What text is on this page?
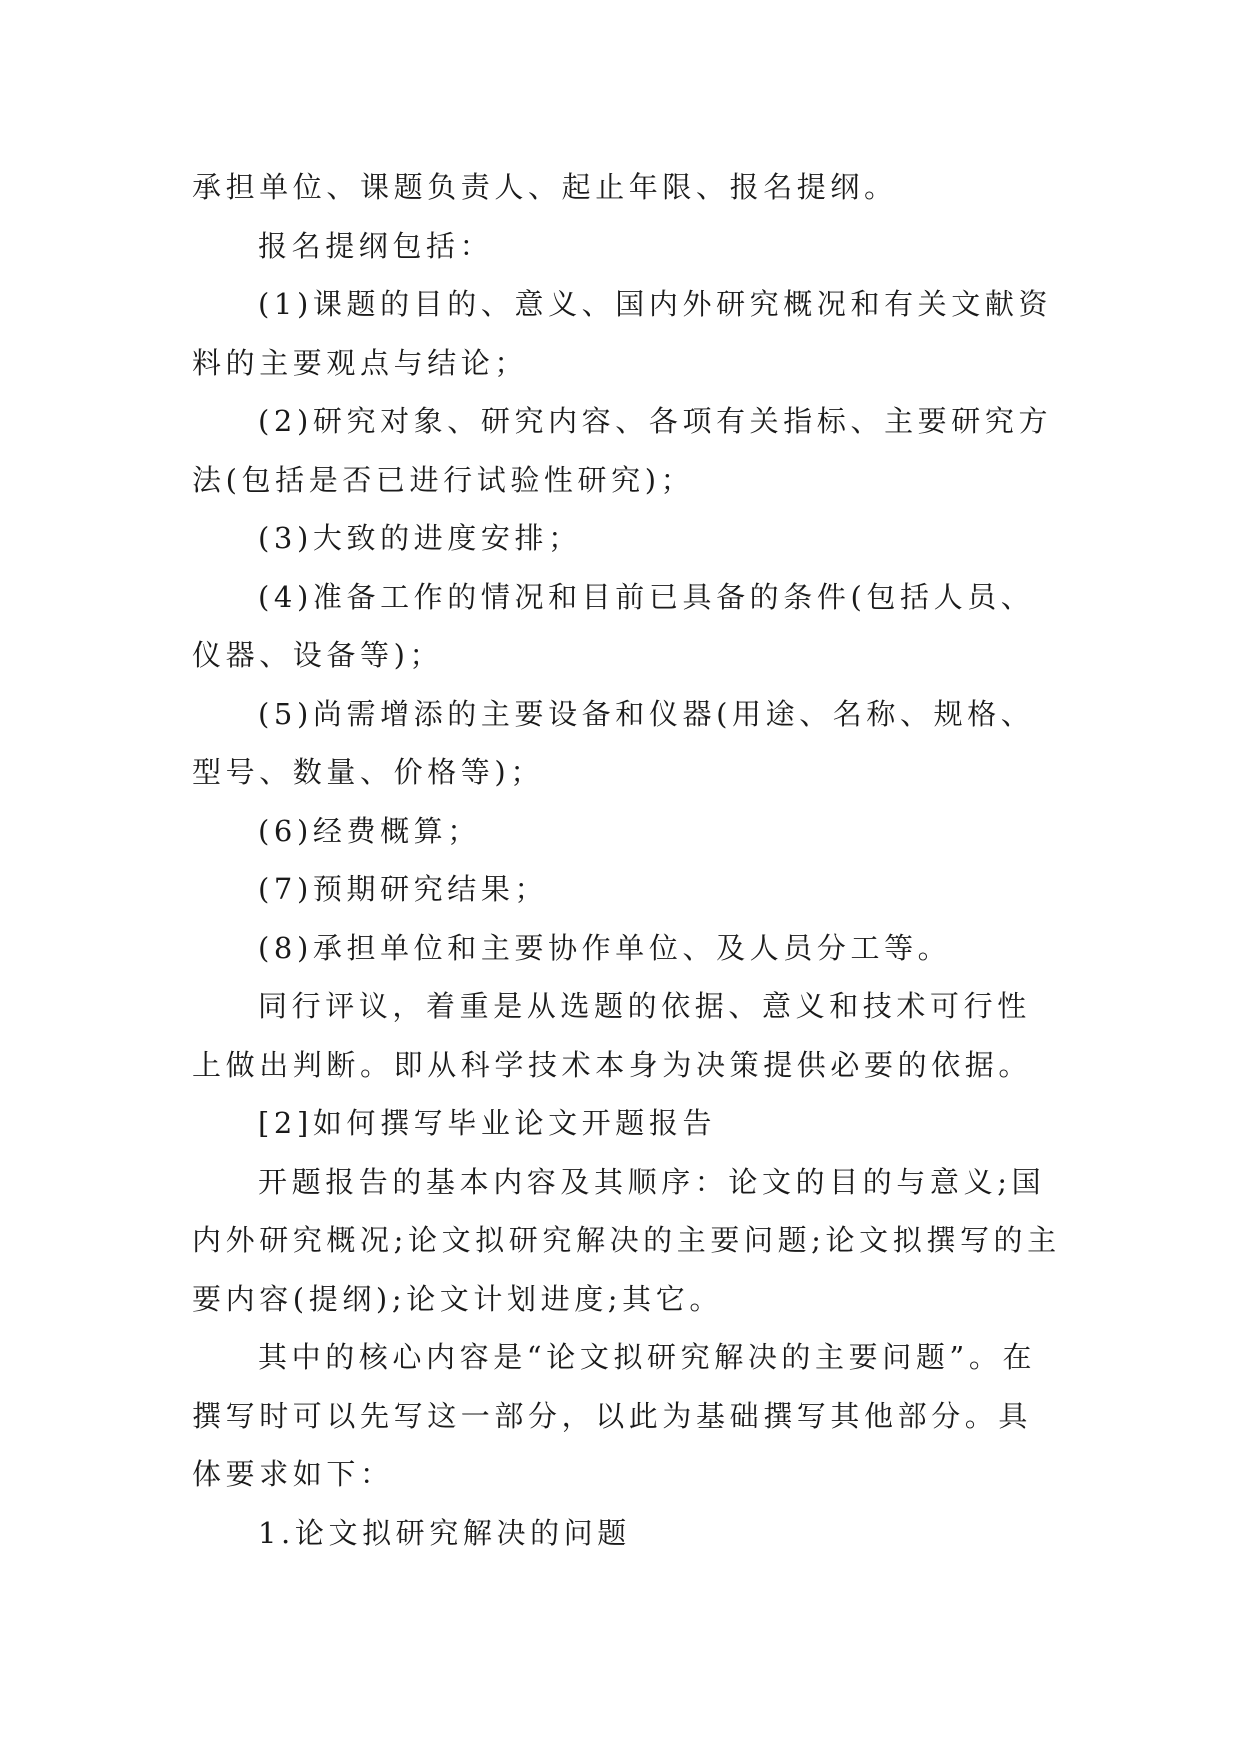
承担单位、课题负责人、起止年限、报名提纲。

报名提纲包括：

(1)课题的目的、意义、国内外研究概况和有关文献资料的主要观点与结论；

(2)研究对象、研究内容、各项有关指标、主要研究方法(包括是否已进行试验性研究)；

(3)大致的进度安排；

(4)准备工作的情况和目前已具备的条件(包括人员、仪器、设备等)；

(5)尚需增添的主要设备和仪器(用途、名称、规格、型号、数量、价格等)；

(6)经费概算；

(7)预期研究结果；

(8)承担单位和主要协作单位、及人员分工等。

同行评议，着重是从选题的依据、意义和技术可行性上做出判断。即从科学技术本身为决策提供必要的依据。

[2]如何撰写毕业论文开题报告

开题报告的基本内容及其顺序：论文的目的与意义;国内外研究概况;论文拟研究解决的主要问题;论文拟撰写的主要内容(提纲);论文计划进度;其它。

其中的核心内容是“论文拟研究解决的主要问题”。在撰写时可以先写这一部分，以此为基础撰写其他部分。具体要求如下：

1.论文拟研究解决的问题
